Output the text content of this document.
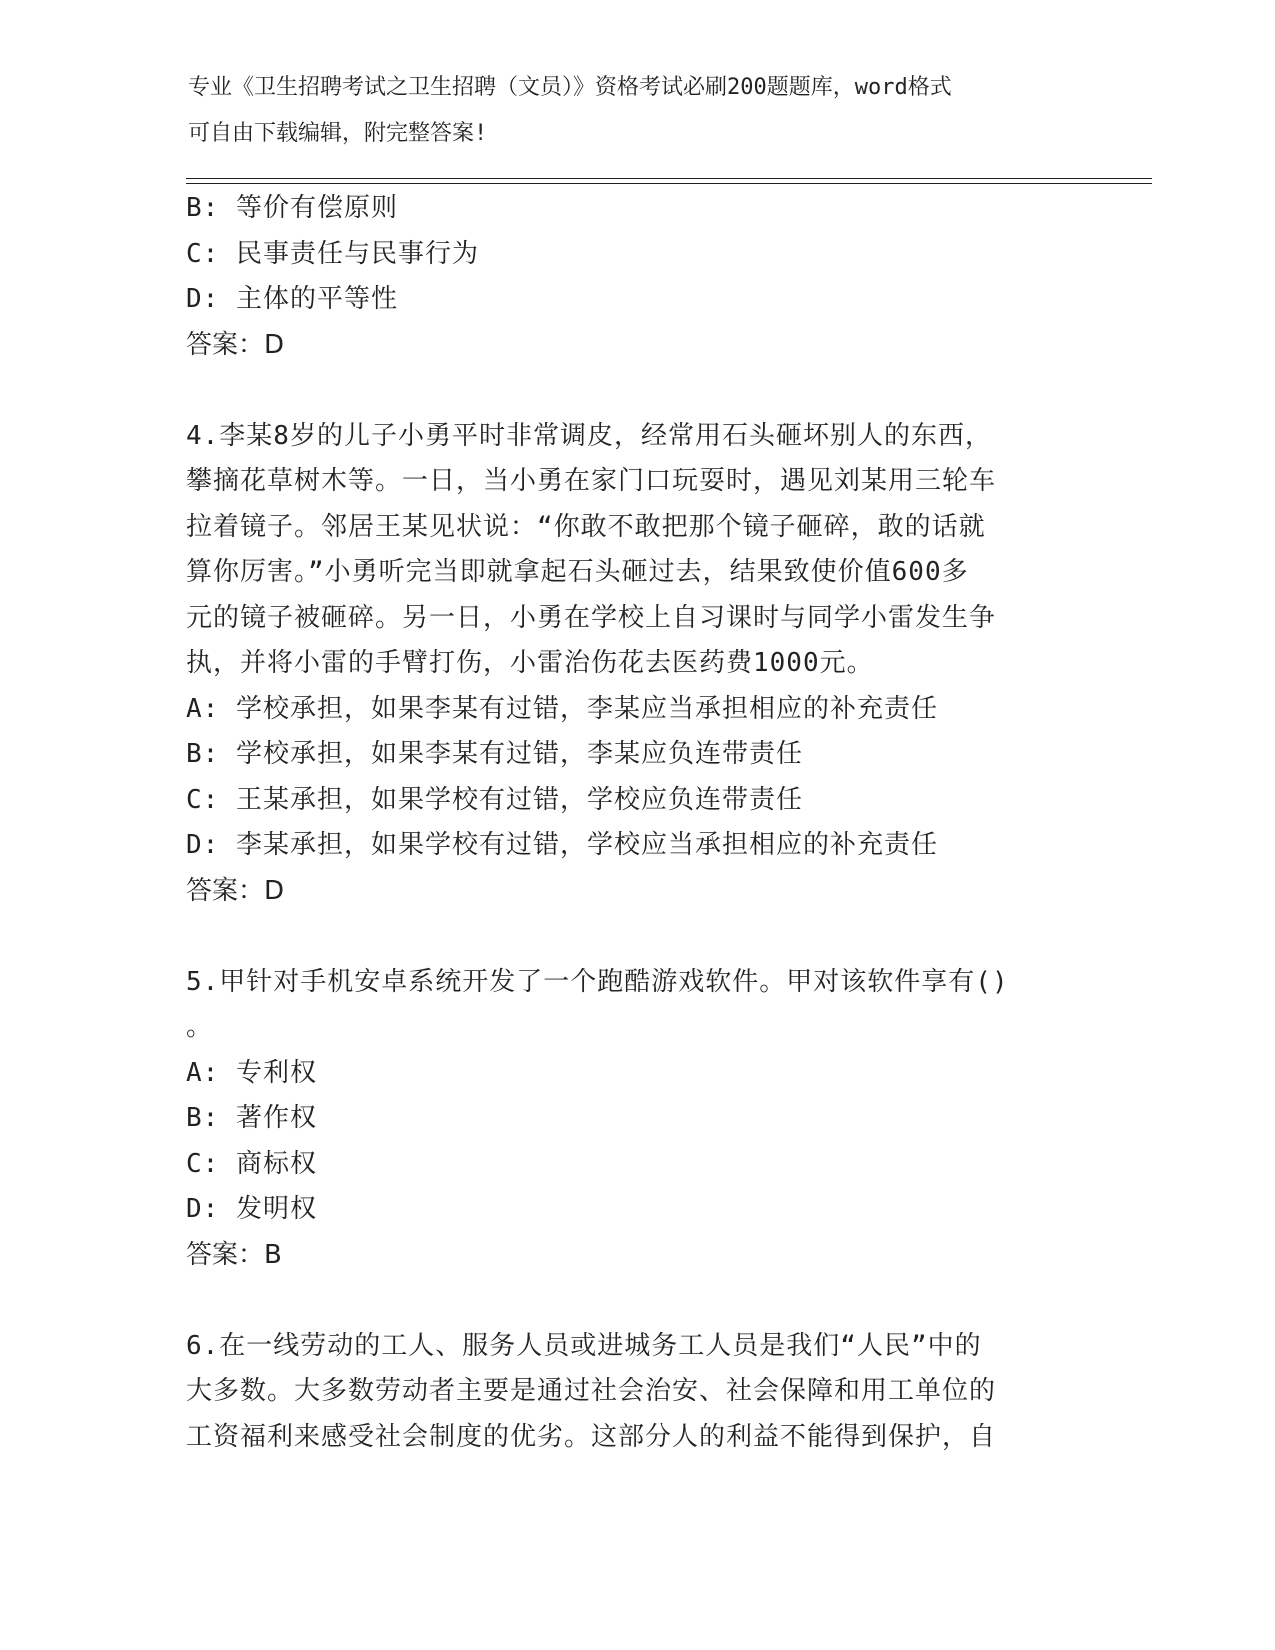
专业《卫生招聘考试之卫生招聘（文员）》资格考试必刷200题题库，word格式
可自由下载编辑，附完整答案!
B: 等价有偿原则
C: 民事责任与民事行为
D: 主体的平等性
答案：D
4.李某8岁的儿子小勇平时非常调皮，经常用石头砸坏别人的东西，
攀摘花草树木等。一日，当小勇在家门口玩耍时，遇见刘某用三轮车
拉着镜子。邻居王某见状说：“你敢不敢把那个镜子砸碎，敢的话就
算你厉害。”小勇听完当即就拿起石头砸过去，结果致使价值600多
元的镜子被砸碎。另一日，小勇在学校上自习课时与同学小雷发生争
执，并将小雷的手臂打伤，小雷治伤花去医药费1000元。
A: 学校承担，如果李某有过错，李某应当承担相应的补充责任
B: 学校承担，如果李某有过错，李某应负连带责任
C: 王某承担，如果学校有过错，学校应负连带责任
D: 李某承担，如果学校有过错，学校应当承担相应的补充责任
答案：D
5.甲针对手机安卓系统开发了一个跑酷游戏软件。甲对该软件享有()
。
A: 专利权
B: 著作权
C: 商标权
D: 发明权
答案：B
6.在一线劳动的工人、服务人员或进城务工人员是我们“人民”中的
大多数。大多数劳动者主要是通过社会治安、社会保障和用工单位的
工资福利来感受社会制度的优劣。这部分人的利益不能得到保护，自
